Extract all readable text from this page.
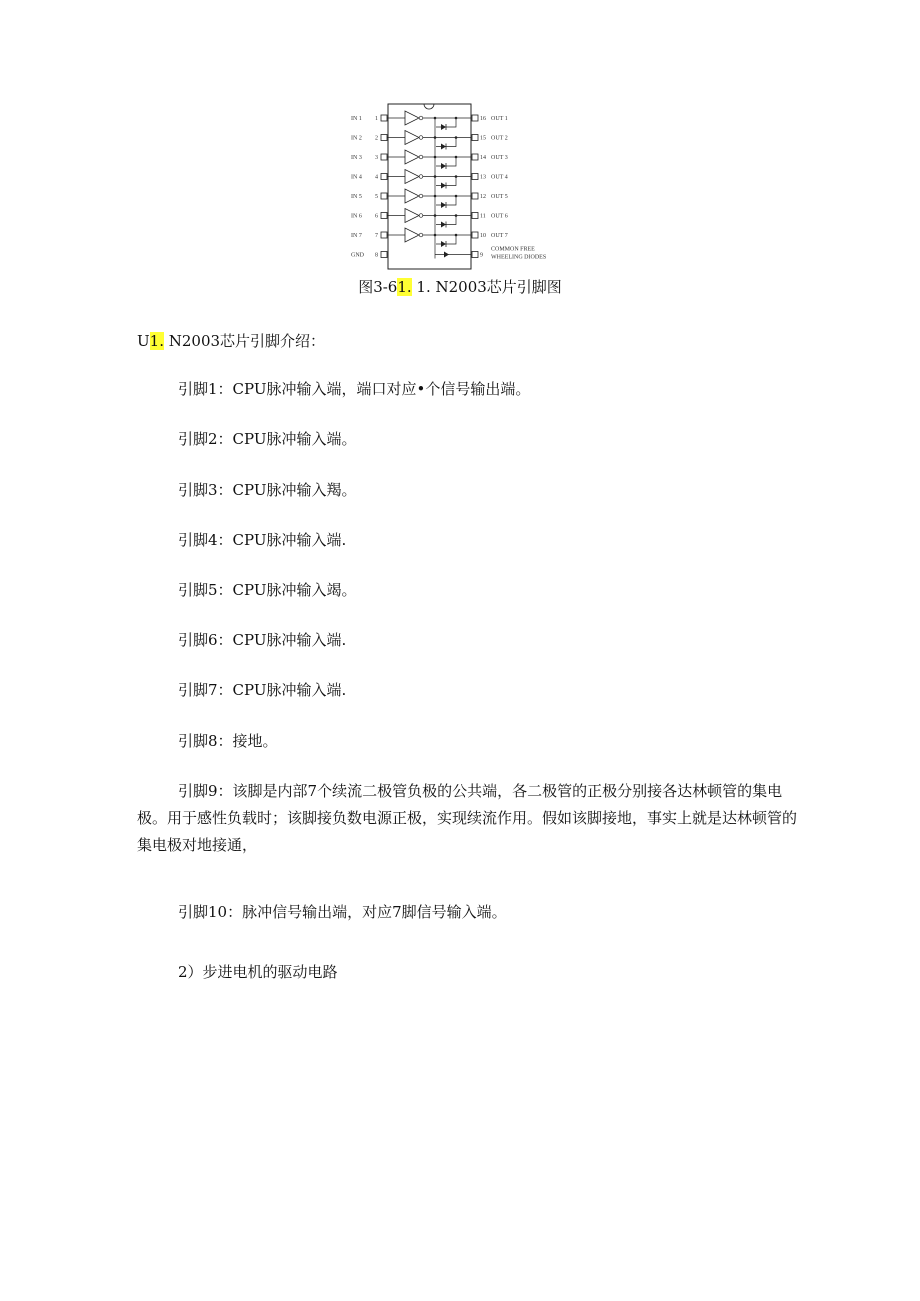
IN 1 1
IN 2 2
IN 3 3
IN 4 4
IN 5 5
IN 6 6
IN 7 7
GND 8
16 OUT 1
15 OUT 2
14 OUT 3
13 OUT 4
12 OUT 5
11 OUT 6
10 OUT 7
9
COMMON FREE
WHEELING DIODES
图3-61. 1. N2003芯片引脚图
U1. N2003芯片引脚介绍：

引脚1：CPU脉冲输入端，端口对应•个信号输出端。

引脚2：CPU脉冲输入端。

引脚3：CPU脉冲输入羯。

引脚4：CPU脉冲输入端.

引脚5：CPU脉冲输入竭。

引脚6：CPU脉冲输入端.

引脚7：CPU脉冲输入端.

引脚8：接地。

引脚9：该脚是内部7个续流二极管负极的公共端，各二极管的正极分别接各达林顿管的集电极。用于感性负载时；该脚接负数电源正极，实现续流作用。假如该脚接地，事实上就是达林顿管的集电极对地接通，

引脚10：脉冲信号输出端，对应7脚信号输入端。

2）步进电机的驱动电路
